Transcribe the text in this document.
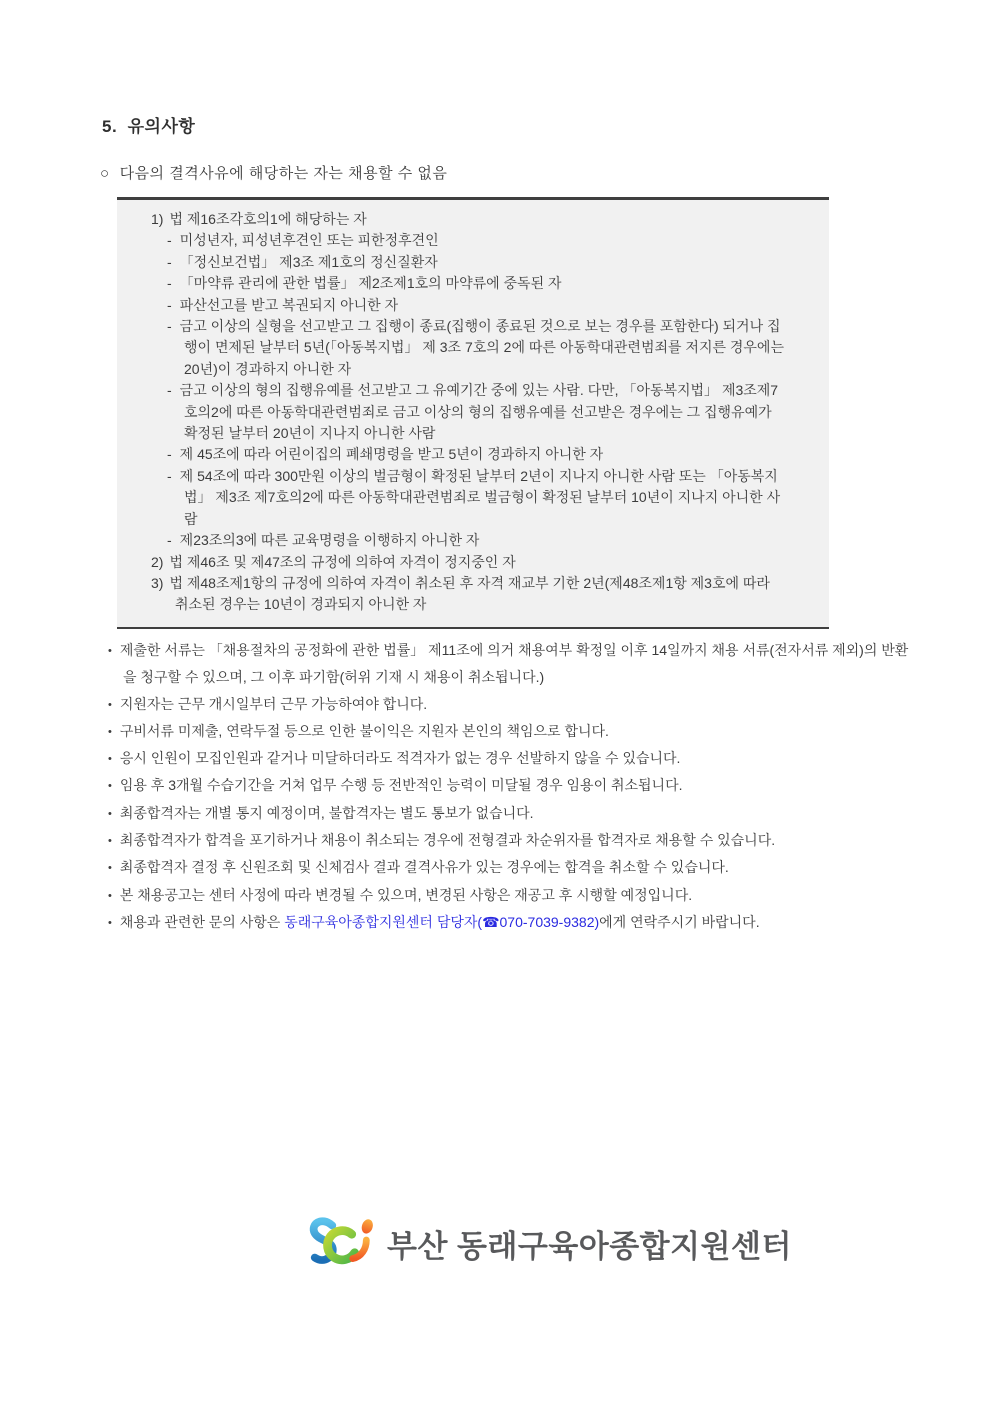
5.  유의사항
○ 다음의 결격사유에 해당하는 자는 채용할 수 없음
1) 법 제16조각호의1에 해당하는 자
- 미성년자, 피성년후견인 또는 피한정후견인
- 「정신보건법」 제3조 제1호의 정신질환자
- 「마약류 관리에 관한 법률」 제2조제1호의 마약류에 중독된 자
- 파산선고를 받고 복권되지 아니한 자
- 금고 이상의 실형을 선고받고 그 집행이 종료(집행이 종료된 것으로 보는 경우를 포함한다) 되거나 집행이 면제된 날부터 5년(「아동복지법」 제 3조 7호의 2에 따른 아동학대관련범죄를 저지른 경우에는 20년)이 경과하지 아니한 자
- 금고 이상의 형의 집행유예를 선고받고 그 유예기간 중에 있는 사람. 다만, 「아동복지법」 제3조제7호의2에 따른 아동학대관련범죄로 금고 이상의 형의 집행유예를 선고받은 경우에는 그 집행유예가 확정된 날부터 20년이 지나지 아니한 사람
- 제 45조에 따라 어린이집의 폐쇄명령을 받고 5년이 경과하지 아니한 자
- 제 54조에 따라 300만원 이상의 벌금형이 확정된 날부터 2년이 지나지 아니한 사람 또는 「아동복지법」 제3조 제7호의2에 따른 아동학대관련범죄로 벌금형이 확정된 날부터 10년이 지나지 아니한 사람
- 제23조의3에 따른 교육명령을 이행하지 아니한 자
2) 법 제46조 및 제47조의 규정에 의하여 자격이 정지중인 자
3) 법 제48조제1항의 규정에 의하여 자격이 취소된 후 자격 재교부 기한 2년(제48조제1항 제3호에 따라 취소된 경우는 10년이 경과되지 아니한 자
• 제출한 서류는 「채용절차의 공정화에 관한 법률」 제11조에 의거 채용여부 확정일 이후 14일까지 채용 서류(전자서류 제외)의 반환을 청구할 수 있으며, 그 이후 파기함(허위 기재 시 채용이 취소됩니다.)
• 지원자는 근무 개시일부터 근무 가능하여야 합니다.
• 구비서류 미제출, 연락두절 등으로 인한 불이익은 지원자 본인의 책임으로 합니다.
• 응시 인원이 모집인원과 같거나 미달하더라도 적격자가 없는 경우 선발하지 않을 수 있습니다.
• 임용 후 3개월 수습기간을 거쳐 업무 수행 등 전반적인 능력이 미달될 경우 임용이 취소됩니다.
• 최종합격자는 개별 통지 예정이며, 불합격자는 별도 통보가 없습니다.
• 최종합격자가 합격을 포기하거나 채용이 취소되는 경우에 전형결과 차순위자를 합격자로 채용할 수 있습니다.
• 최종합격자 결정 후 신원조회 및 신체검사 결과 결격사유가 있는 경우에는 합격을 취소할 수 있습니다.
• 본 채용공고는 센터 사정에 따라 변경될 수 있으며, 변경된 사항은 재공고 후 시행할 예정입니다.
• 채용과 관련한 문의 사항은 동래구육아종합지원센터 담당자(☎070-7039-9382)에게 연락주시기 바랍니다.
부산 동래구육아종합지원센터
